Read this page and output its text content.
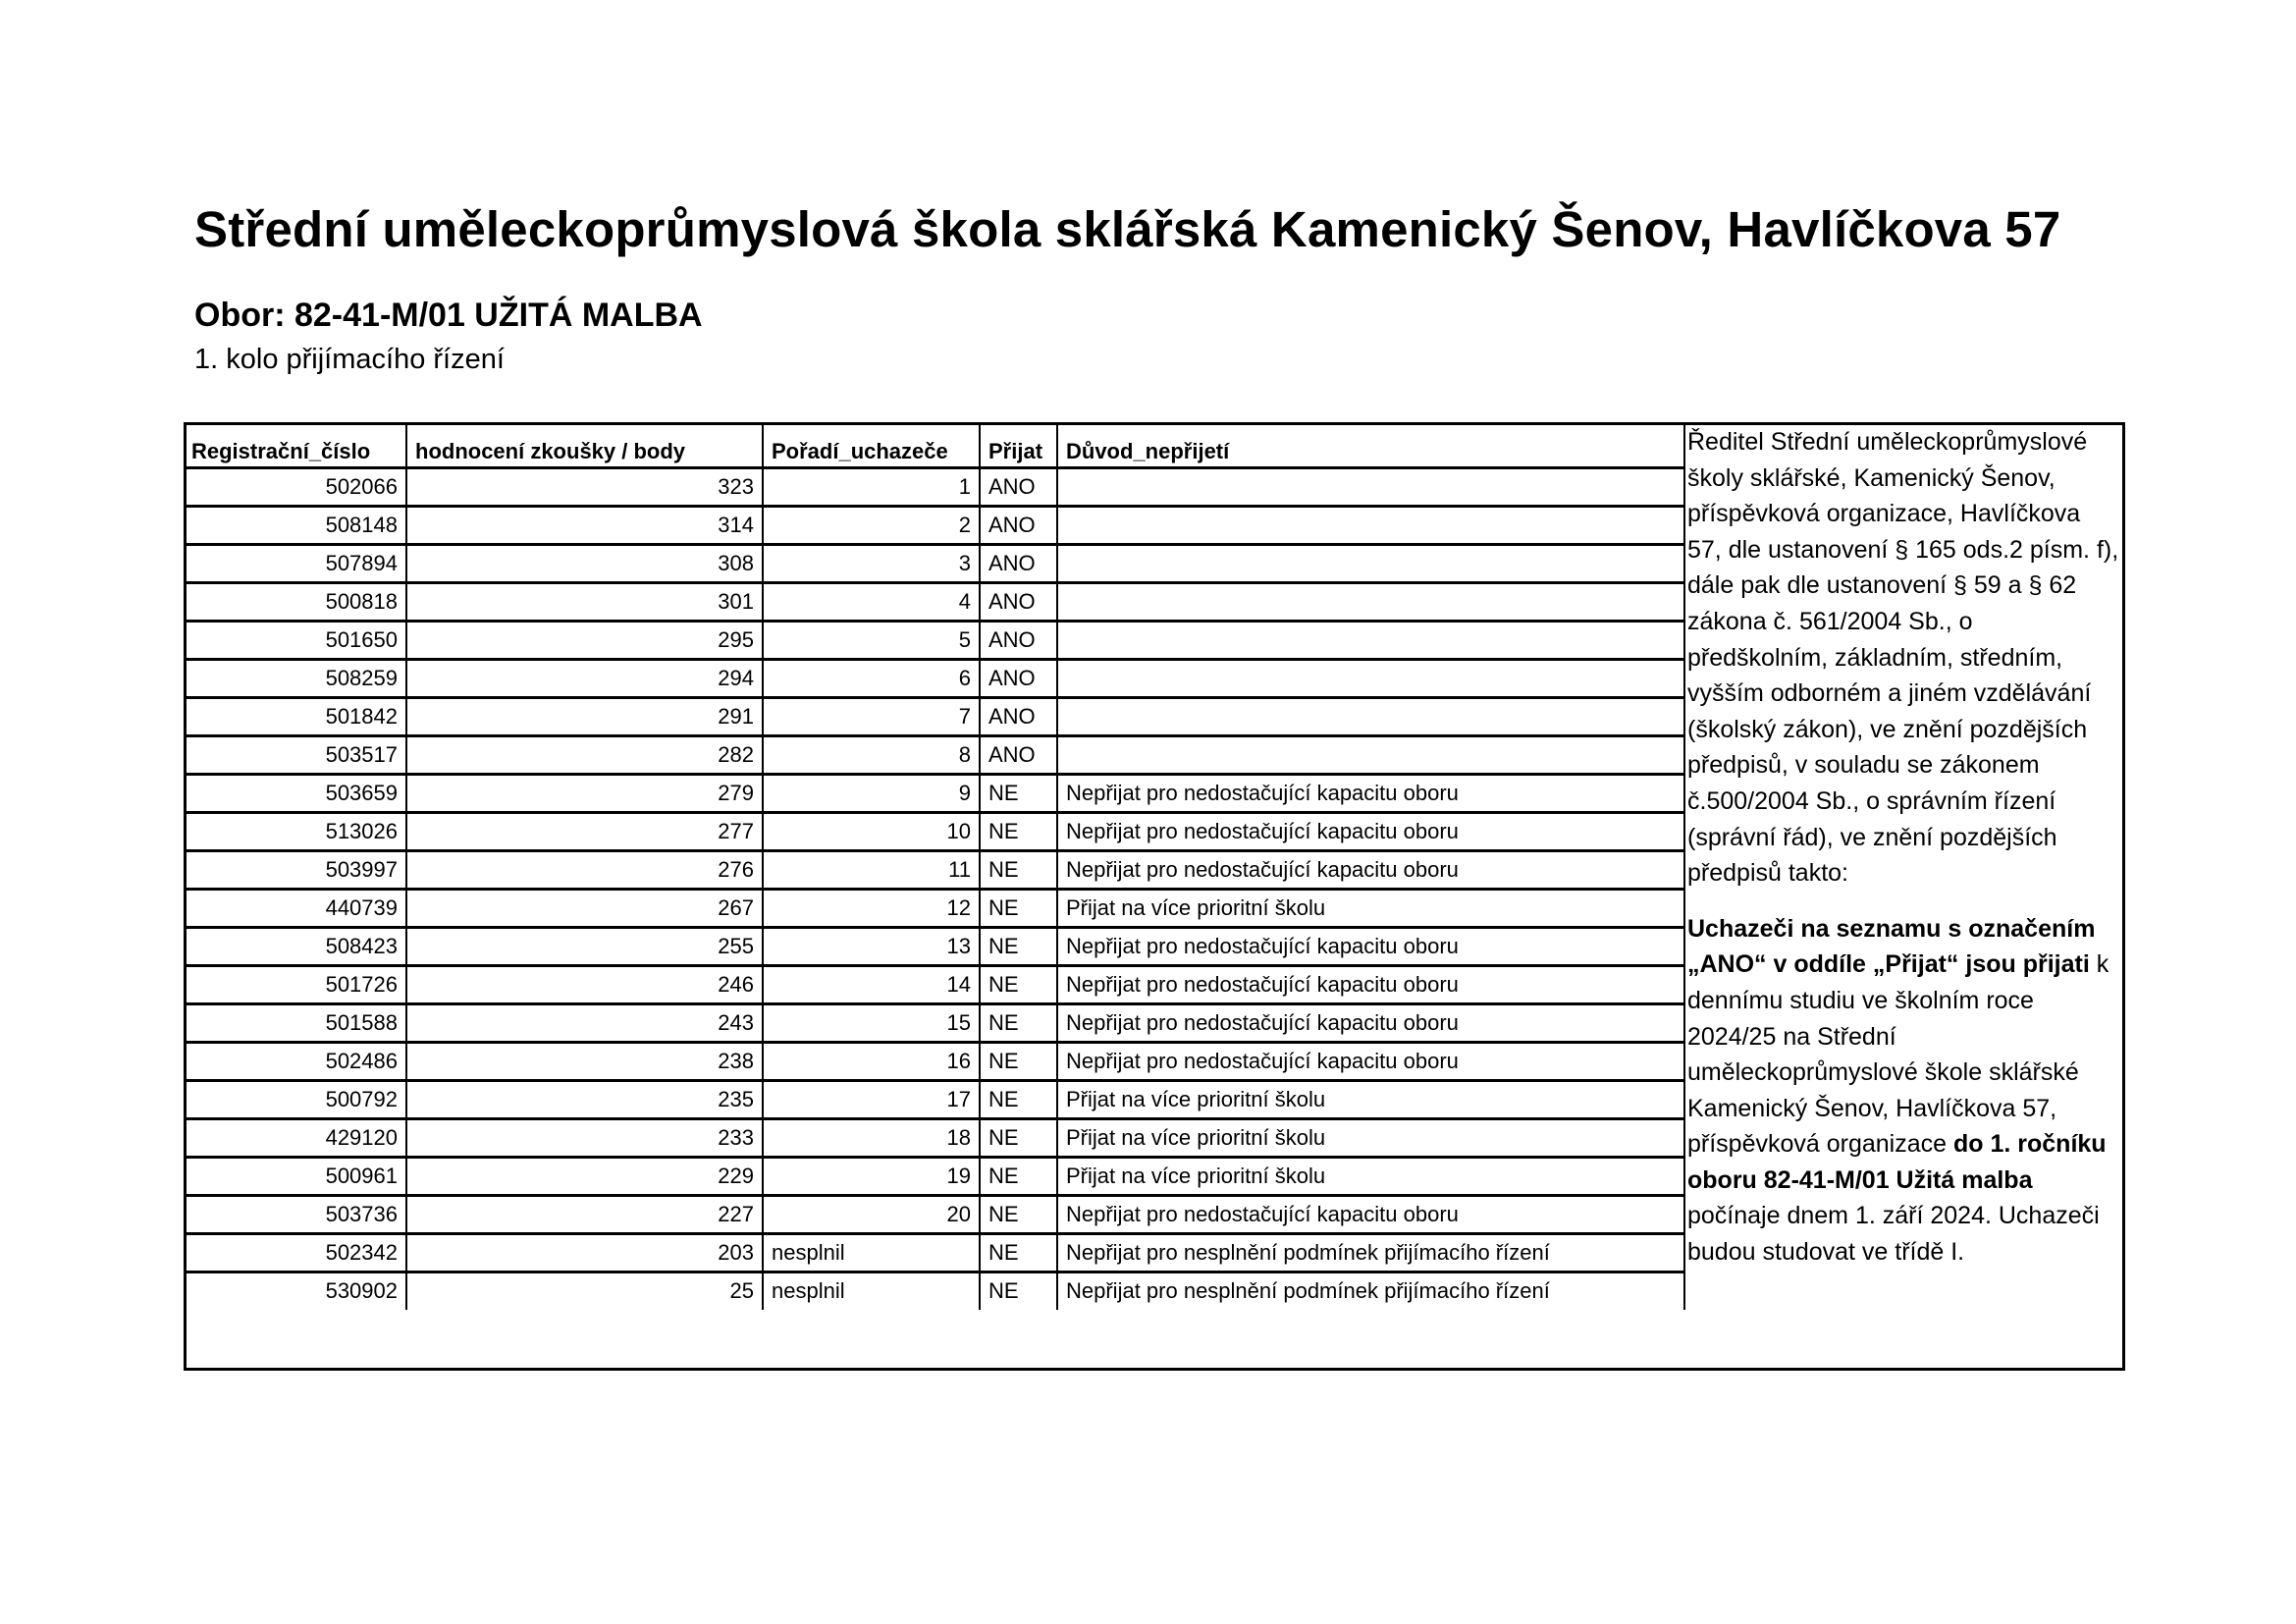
Střední uměleckoprůmyslová škola sklářská Kamenický Šenov, Havlíčkova 57
Obor: 82-41-M/01 UŽITÁ MALBA
1. kolo přijímacího řízení
Registrační_číslo	hodnocení zkoušky / body	Pořadí_uchazeče	Přijat	Důvod_nepřijetí
502066	323	1	ANO	
508148	314	2	ANO	
507894	308	3	ANO	
500818	301	4	ANO	
501650	295	5	ANO	
508259	294	6	ANO	
501842	291	7	ANO	
503517	282	8	ANO	
503659	279	9	NE	Nepřijat pro nedostačující kapacitu oboru
513026	277	10	NE	Nepřijat pro nedostačující kapacitu oboru
503997	276	11	NE	Nepřijat pro nedostačující kapacitu oboru
440739	267	12	NE	Přijat na více prioritní školu
508423	255	13	NE	Nepřijat pro nedostačující kapacitu oboru
501726	246	14	NE	Nepřijat pro nedostačující kapacitu oboru
501588	243	15	NE	Nepřijat pro nedostačující kapacitu oboru
502486	238	16	NE	Nepřijat pro nedostačující kapacitu oboru
500792	235	17	NE	Přijat na více prioritní školu
429120	233	18	NE	Přijat na více prioritní školu
500961	229	19	NE	Přijat na více prioritní školu
503736	227	20	NE	Nepřijat pro nedostačující kapacitu oboru
502342	203	nesplnil	NE	Nepřijat pro nesplnění podmínek přijímacího řízení
530902	25	nesplnil	NE	Nepřijat pro nesplnění podmínek přijímacího řízení

Ředitel Střední uměleckoprůmyslové školy sklářské, Kamenický Šenov, příspěvková organizace, Havlíčkova 57, dle ustanovení § 165 ods.2 písm. f), dále pak dle ustanovení § 59 a § 62 zákona č. 561/2004 Sb., o předškolním, základním, středním, vyšším odborném a jiném vzdělávání (školský zákon), ve znění pozdějších předpisů, v souladu se zákonem č.500/2004 Sb., o správním řízení (správní řád), ve znění pozdějších předpisů takto:

Uchazeči na seznamu s označením „ANO“ v oddíle „Přijat“ jsou přijati k dennímu studiu ve školním roce 2024/25 na Střední uměleckoprůmyslové škole sklářské Kamenický Šenov, Havlíčkova 57, příspěvková organizace do 1. ročníku oboru 82-41-M/01 Užitá malba počínaje dnem 1. září 2024. Uchazeči budou studovat ve třídě I.
